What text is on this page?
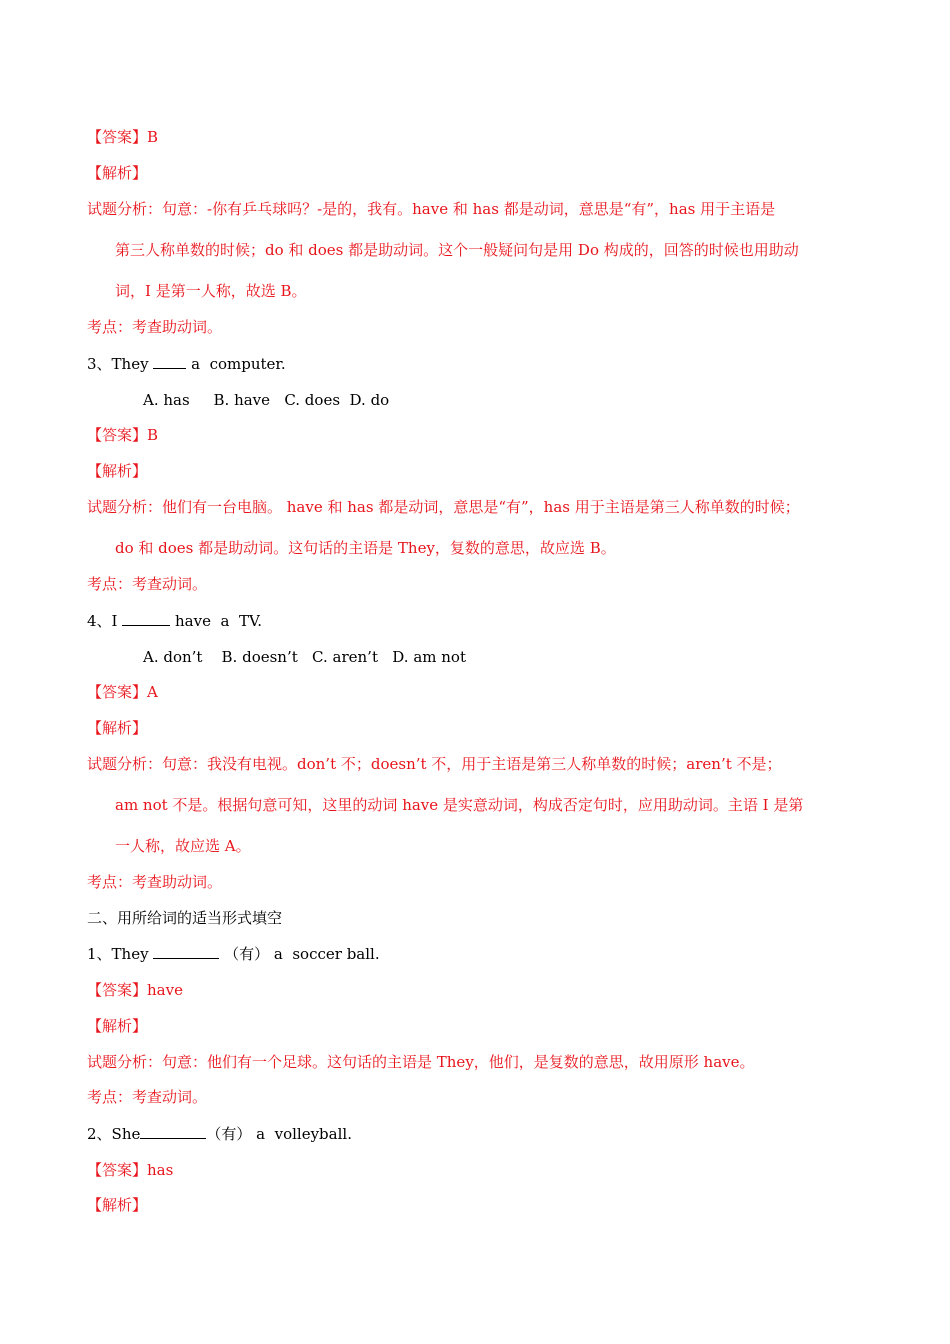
【答案】B
【解析】
试题分析：句意：-你有乒乓球吗？-是的，我有。have 和 has 都是动词，意思是“有”，has 用于主语是
第三人称单数的时候；do 和 does 都是助动词。这个一般疑问句是用 Do 构成的，回答的时候也用助动
词，I 是第一人称，故选 B。
考点：考查助动词。
3、They  a  computer.
A. has     B. have   C. does  D. do
【答案】B
【解析】
试题分析：他们有一台电脑。 have 和 has 都是动词，意思是“有”，has 用于主语是第三人称单数的时候；
do 和 does 都是助动词。这句话的主语是 They，复数的意思，故应选 B。
考点：考查动词。
4、I	have  a  TV.
A. don’t    B. doesn’t   C. aren’t   D. am not
【答案】A
【解析】
试题分析：句意：我没有电视。don’t 不；doesn’t 不，用于主语是第三人称单数的时候；aren’t 不是；
am not 不是。根据句意可知，这里的动词 have 是实意动词，构成否定句时，应用助动词。主语 I 是第
一人称，故应选 A。
考点：考查助动词。
二、用所给词的适当形式填空
1、They	（有） a  soccer ball.
【答案】have
【解析】
试题分析：句意：他们有一个足球。这句话的主语是 They，他们，是复数的意思，故用原形 have。
考点：考查动词。
2、She	（有） a  volleyball.
【答案】has
【解析】
